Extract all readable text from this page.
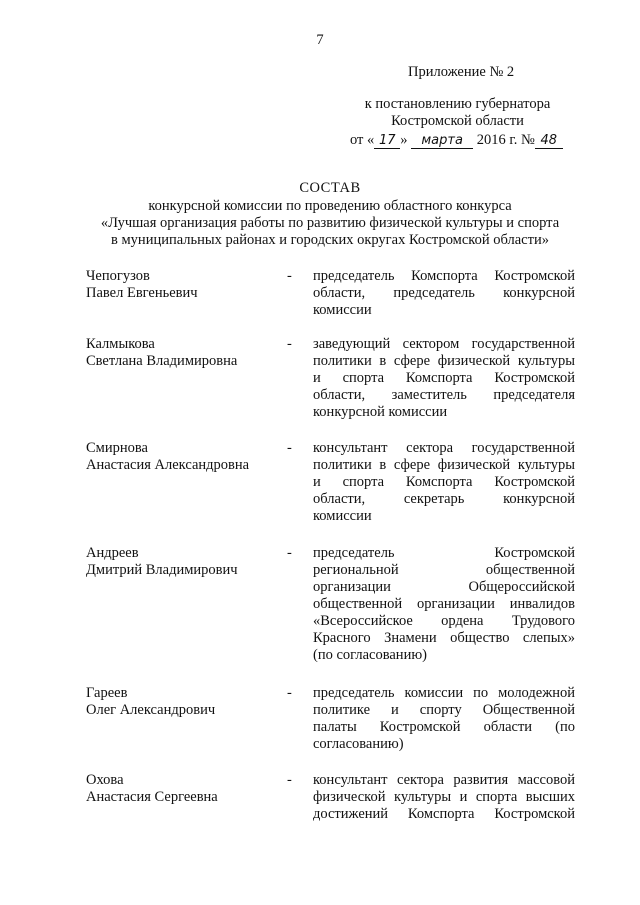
7
Приложение № 2
к постановлению губернатора
Костромской области
от « 17 » марта 2016 г. № 48
СОСТАВ
конкурсной комиссии по проведению областного конкурса
«Лучшая организация работы по развитию физической культуры и спорта
в муниципальных районах и городских округах Костромской области»
Чепогузов
Павел Евгеньевич
- председатель Комспорта Костромской
области, председатель конкурсной
комиссии
Калмыкова
Светлана Владимировна
- заведующий сектором государственной
политики в сфере физической культуры
и спорта Комспорта Костромской
области, заместитель председателя
конкурсной комиссии
Смирнова
Анастасия Александровна
- консультант сектора государственной
политики в сфере физической культуры
и спорта Комспорта Костромской
области, секретарь конкурсной
комиссии
Андреев
Дмитрий Владимирович
- председатель Костромской
региональной общественной
организации Общероссийской
общественной организации инвалидов
«Всероссийское ордена Трудового
Красного Знамени общество слепых»
(по согласованию)
Гареев
Олег Александрович
- председатель комиссии по молодежной
политике и спорту Общественной
палаты Костромской области (по
согласованию)
Охова
Анастасия Сергеевна
- консультант сектора развития массовой
физической культуры и спорта высших
достижений Комспорта Костромской
